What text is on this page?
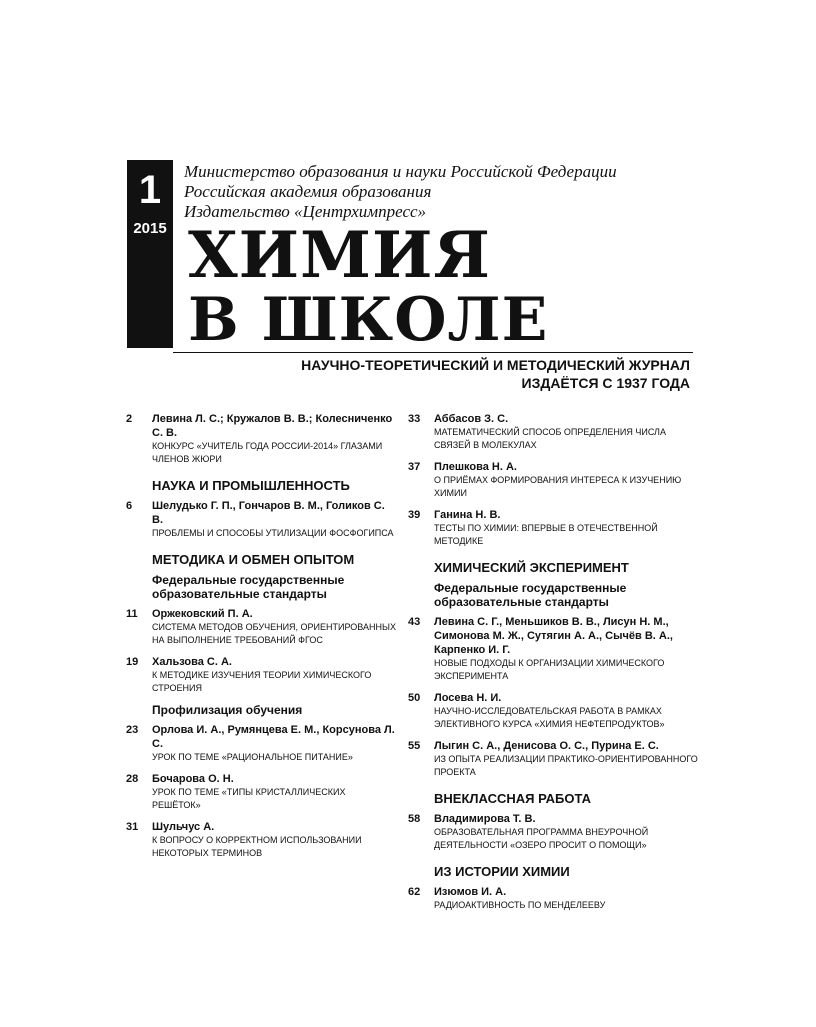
1
2015
Министерство образования и науки Российской Федерации
Российская академия образования
Издательство «Центрхимпресс»
ХИМИЯ
В ШКОЛЕ
НАУЧНО-ТЕОРЕТИЧЕСКИЙ И МЕТОДИЧЕСКИЙ ЖУРНАЛ
ИЗДАЁТСЯ С 1937 ГОДА
2	Левина Л. С.; Кружалов В. В.; Колесниченко С. В.
КОНКУРС «УЧИТЕЛЬ ГОДА РОССИИ-2014» ГЛАЗАМИ ЧЛЕНОВ ЖЮРИ
НАУКА И ПРОМЫШЛЕННОСТЬ
6	Шелудько Г. П., Гончаров В. М., Голиков С. В.
ПРОБЛЕМЫ И СПОСОБЫ УТИЛИЗАЦИИ ФОСФОГИПСА
МЕТОДИКА И ОБМЕН ОПЫТОМ
Федеральные государственные образовательные стандарты
11	Оржековский П. А.
СИСТЕМА МЕТОДОВ ОБУЧЕНИЯ, ОРИЕНТИРОВАННЫХ НА ВЫПОЛНЕНИЕ ТРЕБОВАНИЙ ФГОС
19	Хальзова С. А.
К МЕТОДИКЕ ИЗУЧЕНИЯ ТЕОРИИ ХИМИЧЕСКОГО СТРОЕНИЯ
Профилизация обучения
23	Орлова И. А., Румянцева Е. М., Корсунова Л. С.
УРОК ПО ТЕМЕ «РАЦИОНАЛЬНОЕ ПИТАНИЕ»
28	Бочарова О. Н.
УРОК ПО ТЕМЕ «ТИПЫ КРИСТАЛЛИЧЕСКИХ РЕШЁТОК»
31	Шульчус А.
К ВОПРОСУ О КОРРЕКТНОМ ИСПОЛЬЗОВАНИИ НЕКОТОРЫХ ТЕРМИНОВ
33	Аббасов З. С.
МАТЕМАТИЧЕСКИЙ СПОСОБ ОПРЕДЕЛЕНИЯ ЧИСЛА СВЯЗЕЙ В МОЛЕКУЛАХ
37	Плешкова Н. А.
О ПРИЁМАХ ФОРМИРОВАНИЯ ИНТЕРЕСА К ИЗУЧЕНИЮ ХИМИИ
39	Ганина Н. В.
ТЕСТЫ ПО ХИМИИ: ВПЕРВЫЕ В ОТЕЧЕСТВЕННОЙ МЕТОДИКЕ
ХИМИЧЕСКИЙ ЭКСПЕРИМЕНТ
Федеральные государственные образовательные стандарты
43	Левина С. Г., Меньшиков В. В., Лисун Н. М., Симонова М. Ж., Сутягин А. А., Сычёв В. А., Карпенко И. Г.
НОВЫЕ ПОДХОДЫ К ОРГАНИЗАЦИИ ХИМИЧЕСКОГО ЭКСПЕРИМЕНТА
50	Лосева Н. И.
НАУЧНО-ИССЛЕДОВАТЕЛЬСКАЯ РАБОТА В РАМКАХ ЭЛЕКТИВНОГО КУРСА «ХИМИЯ НЕФТЕПРОДУКТОВ»
55	Лыгин С. А., Денисова О. С., Пурина Е. С.
ИЗ ОПЫТА РЕАЛИЗАЦИИ ПРАКТИКО-ОРИЕНТИРОВАННОГО ПРОЕКТА
ВНЕКЛАССНАЯ РАБОТА
58	Владимирова Т. В.
ОБРАЗОВАТЕЛЬНАЯ ПРОГРАММА ВНЕУРОЧНОЙ ДЕЯТЕЛЬНОСТИ «ОЗЕРО ПРОСИТ О ПОМОЩИ»
ИЗ ИСТОРИИ ХИМИИ
62	Изюмов И. А.
РАДИОАКТИВНОСТЬ ПО МЕНДЕЛЕЕВУ
